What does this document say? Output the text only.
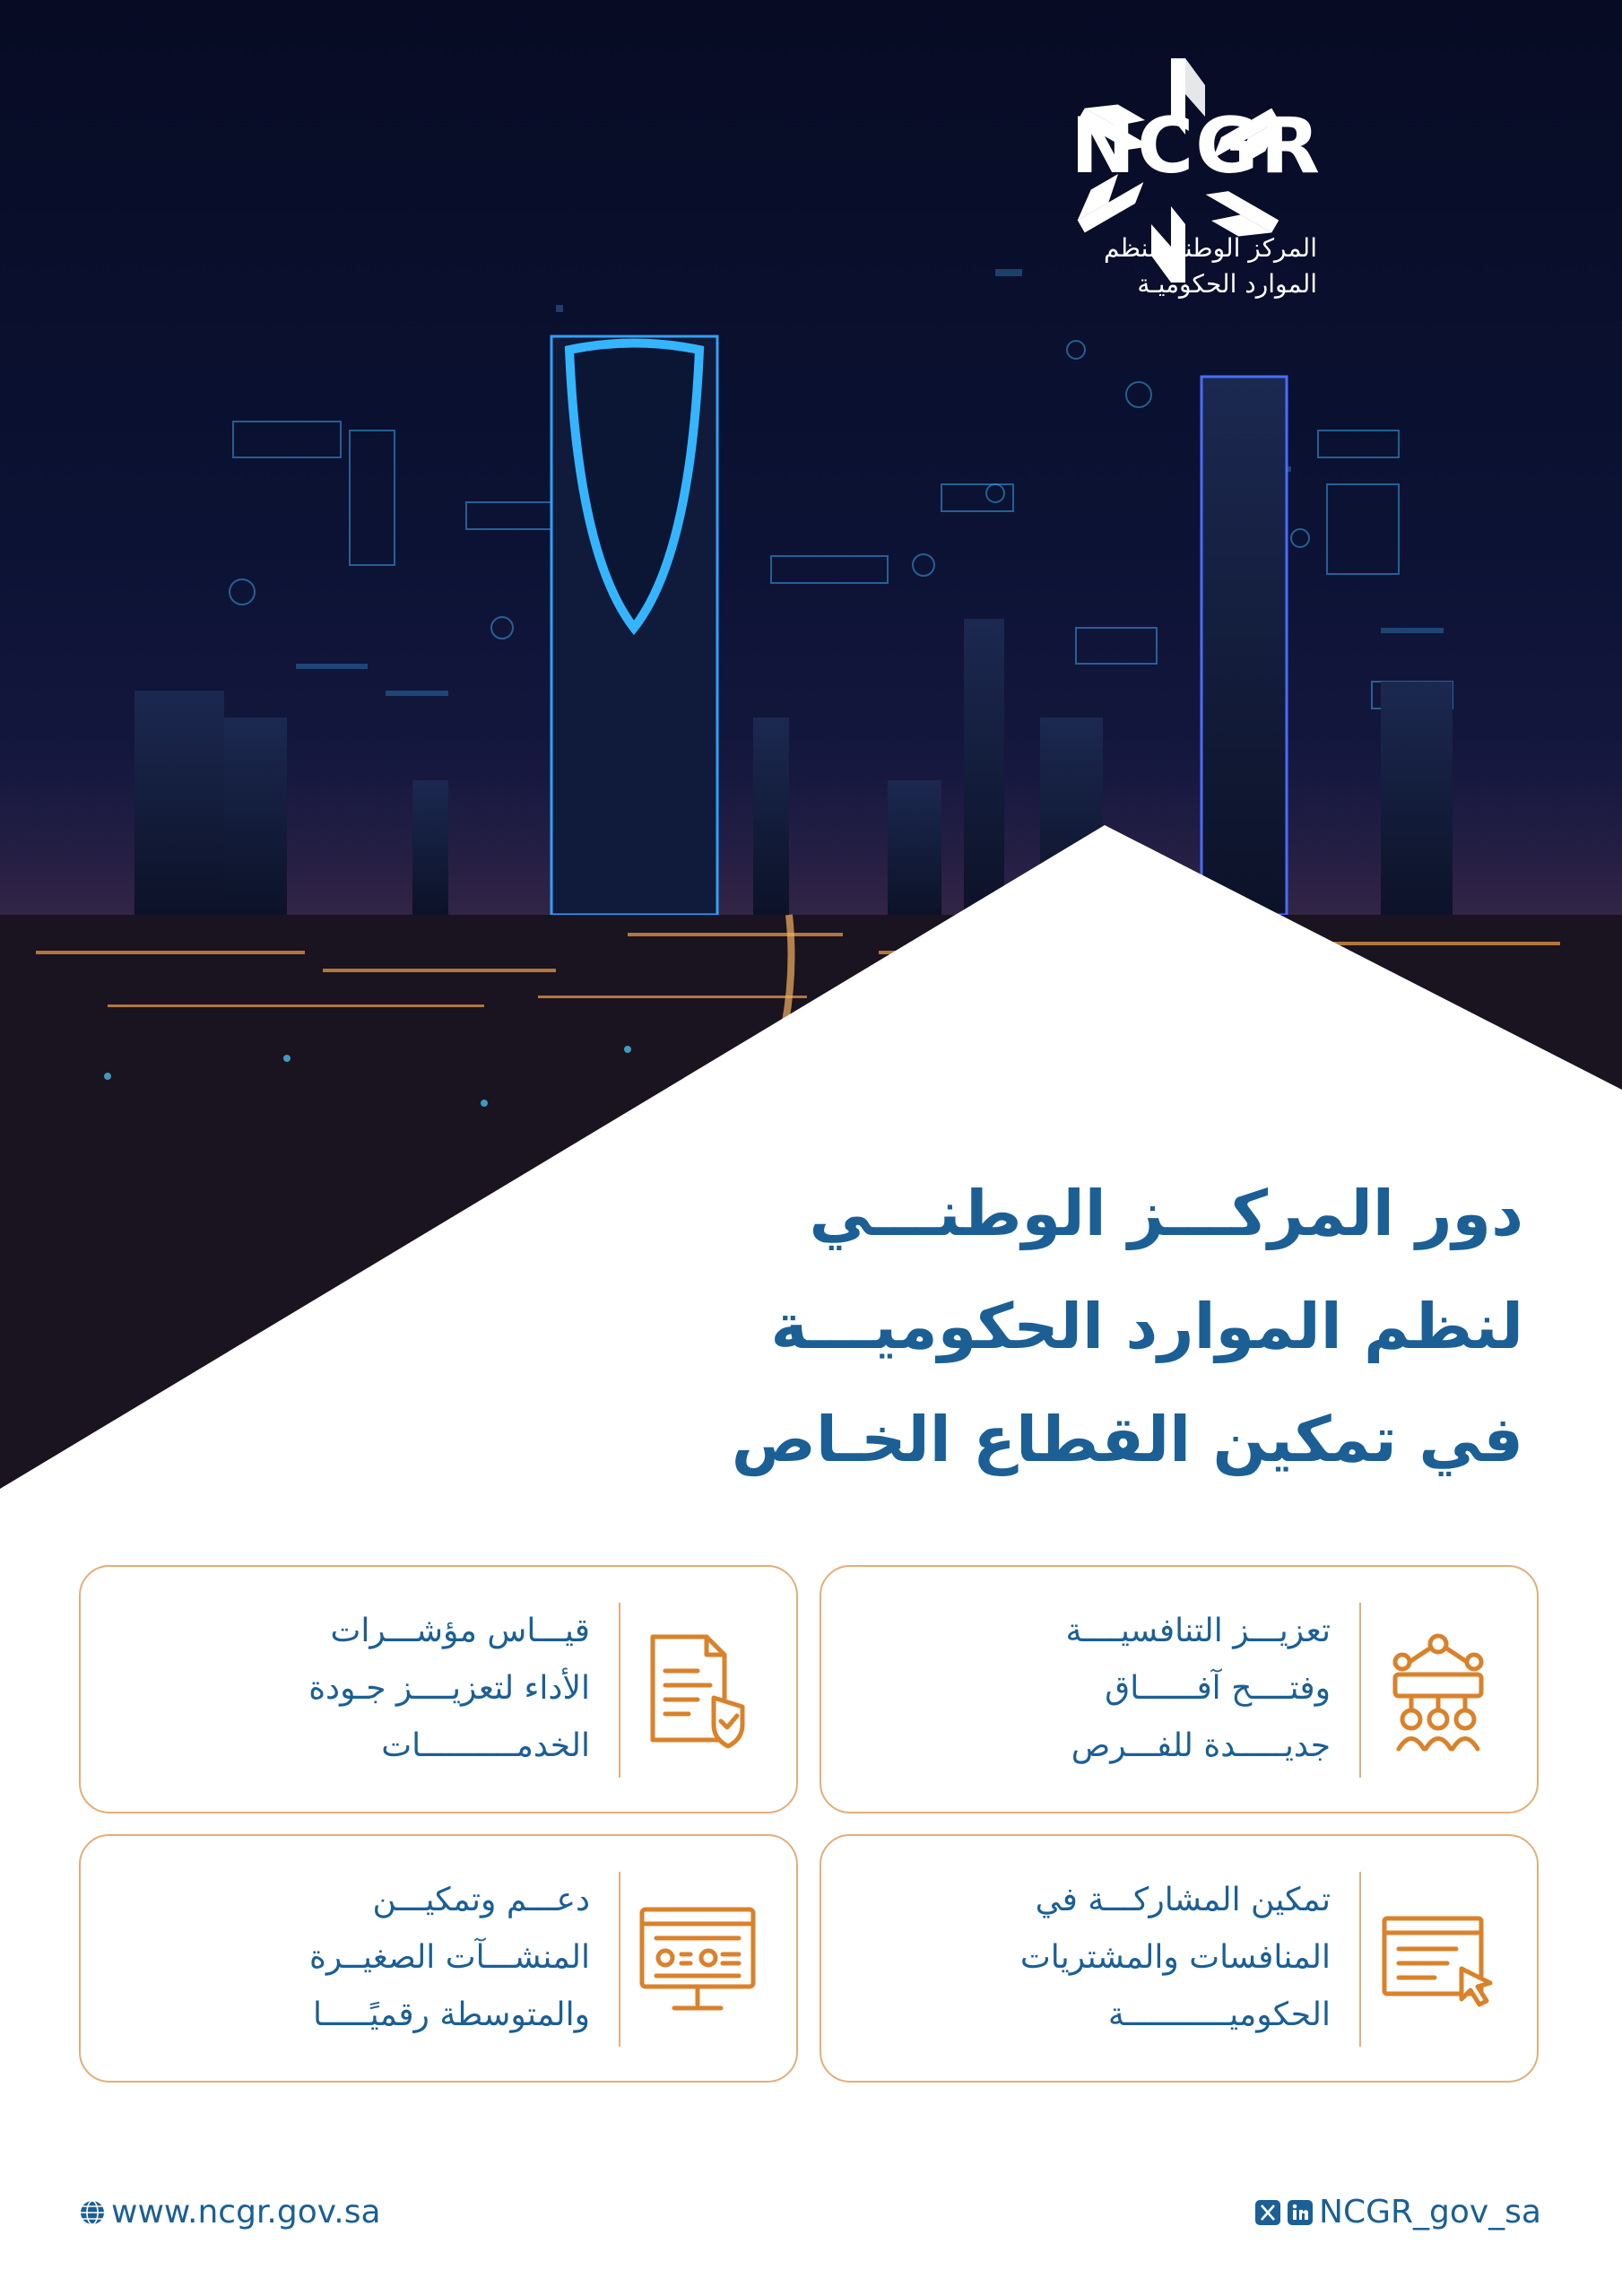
NCGR
المركز الوطني لنظم
الموارد الحكوميـة
دور المركـــز الوطنـــي
لنظم الموارد الحكوميـــة
في تمكين القطاع الخـاص
تعزيـــز التنافسيــــة
وفتــــح آفــــــاق
جديـــــدة للفـــرص
قيـــاس مؤشـــرات
الأداء لتعزيــــز جـودة
الخدمــــــــــات
تمكين المشاركـــة في
المنافسات والمشتريات
الحكوميـــــــــــة
دعـــم وتمكيـــن
المنشـــآت الصغيــرة
والمتوسطة رقميًـــــا
www.ncgr.gov.sa	NCGR_gov_sa
